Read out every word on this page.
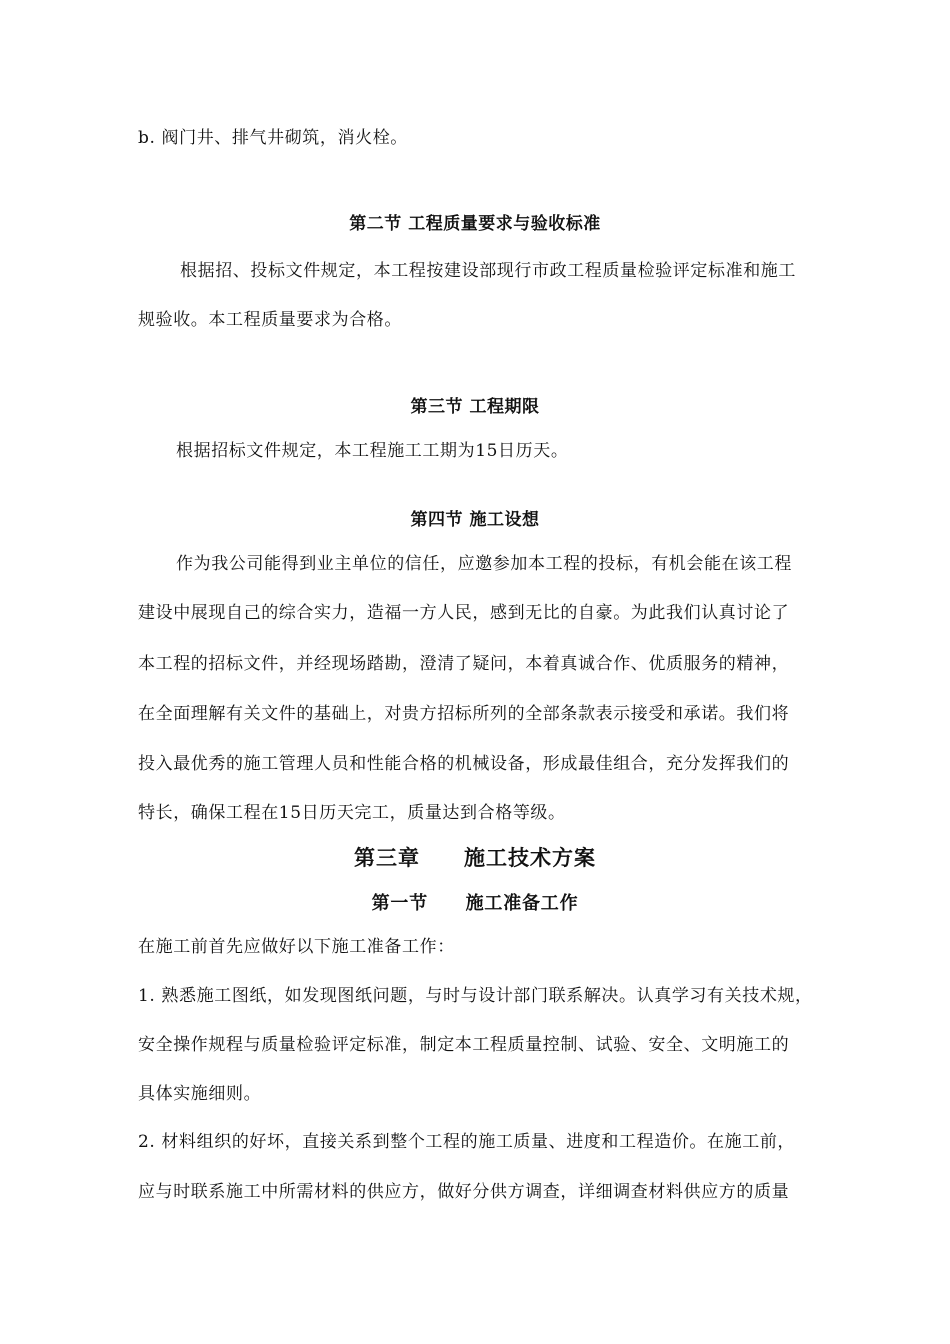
b. 阀门井、排气井砌筑，消火栓。
第二节 工程质量要求与验收标准
根据招、投标文件规定，本工程按建设部现行市政工程质量检验评定标准和施工
规验收。本工程质量要求为合格。
第三节 工程期限
根据招标文件规定，本工程施工工期为15日历天。
第四节 施工设想
作为我公司能得到业主单位的信任，应邀参加本工程的投标，有机会能在该工程
建设中展现自己的综合实力，造福一方人民，感到无比的自豪。为此我们认真讨论了
本工程的招标文件，并经现场踏勘，澄清了疑问，本着真诚合作、优质服务的精神，
在全面理解有关文件的基础上，对贵方招标所列的全部条款表示接受和承诺。我们将
投入最优秀的施工管理人员和性能合格的机械设备，形成最佳组合，充分发挥我们的
特长，确保工程在15日历天完工，质量达到合格等级。
第三章　　施工技术方案
第一节　　施工准备工作
在施工前首先应做好以下施工准备工作：
1. 熟悉施工图纸，如发现图纸问题，与时与设计部门联系解决。认真学习有关技术规，
安全操作规程与质量检验评定标准，制定本工程质量控制、试验、安全、文明施工的
具体实施细则。
2. 材料组织的好坏，直接关系到整个工程的施工质量、进度和工程造价。在施工前，
应与时联系施工中所需材料的供应方，做好分供方调查，详细调查材料供应方的质量
